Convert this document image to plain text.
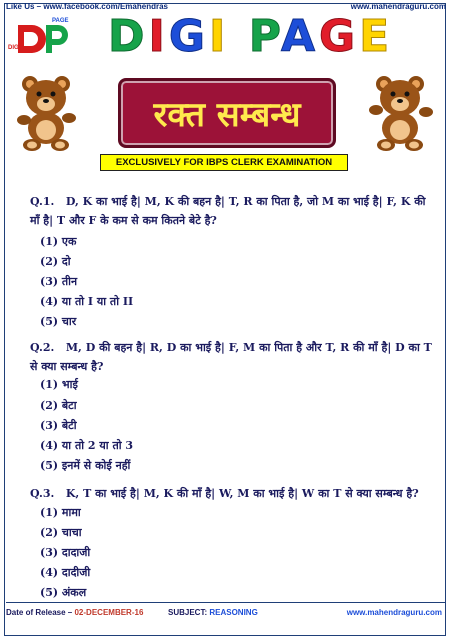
Like Us – www.facebook.com/Emahendras	www.mahendraguru.com
PAGE
DIGI DIGI PAGE
रक्त सम्बन्ध
EXCLUSIVELY FOR IBPS CLERK EXAMINATION
Q.1. D, K का भाई है| M, K की बहन है| T, R का पिता है, जो M का भाई है| F, K की
माँ है| T और F के कम से कम कितने बेटे है?
(1) एक
(2) दो
(3) तीन
(4) या तो I या तो II
(5) चार
Q.2. M, D की बहन है| R, D का भाई है| F, M का पिता है और T, R की माँ है| D का T
से क्या सम्बन्ध है?
(1) भाई
(2) बेटा
(3) बेटी
(4) या तो 2 या तो 3
(5) इनमें से कोई नहीं
Q.3. K, T का भाई है| M, K की माँ है| W, M का भाई है| W का T से क्या सम्बन्ध है?
(1) मामा
(2) चाचा
(3) दादाजी
(4) दादीजी
(5) अंकल
Date of Release – 02-DECEMBER-16	SUBJECT: REASONING	www.mahendraguru.com
